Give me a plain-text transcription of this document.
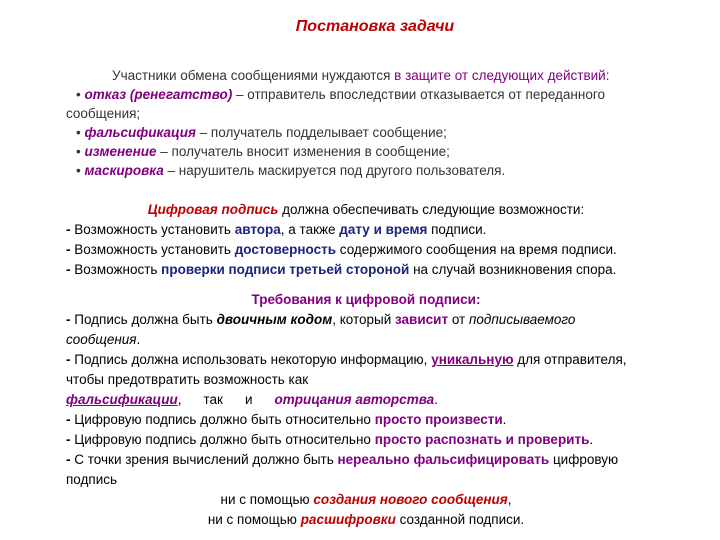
Постановка задачи

Участники обмена сообщениями нуждаются в защите от следующих действий:

• отказ (ренегатство) – отправитель впоследствии отказывается от переданного

сообщения;

• фальсификация – получатель подделывает сообщение;

• изменение – получатель вносит изменения в сообщение;

• маскировка – нарушитель маскируется под другого пользователя.

Цифровая подпись должна обеспечивать следующие возможности:

- Возможность установить автора, а также дату и время подписи.

- Возможность установить достоверность содержимого сообщения на время подписи.

- Возможность проверки подписи третьей стороной на случай возникновения спора.

Требования к цифровой подписи:

- Подпись должна быть двоичным кодом, который зависит от подписываемого

сообщения.

- Подпись должна использовать некоторую информацию, уникальную для отправителя,

чтобы предотвратить возможность как

фальсификации, так и отрицания авторства.

- Цифровую подпись должно быть относительно просто произвести.

- Цифровую подпись должно быть относительно просто распознать и проверить.

- С точки зрения вычислений должно быть нереально фальсифицировать цифровую

подпись

ни с помощью создания нового сообщения,

ни с помощью расшифровки созданной подписи.
